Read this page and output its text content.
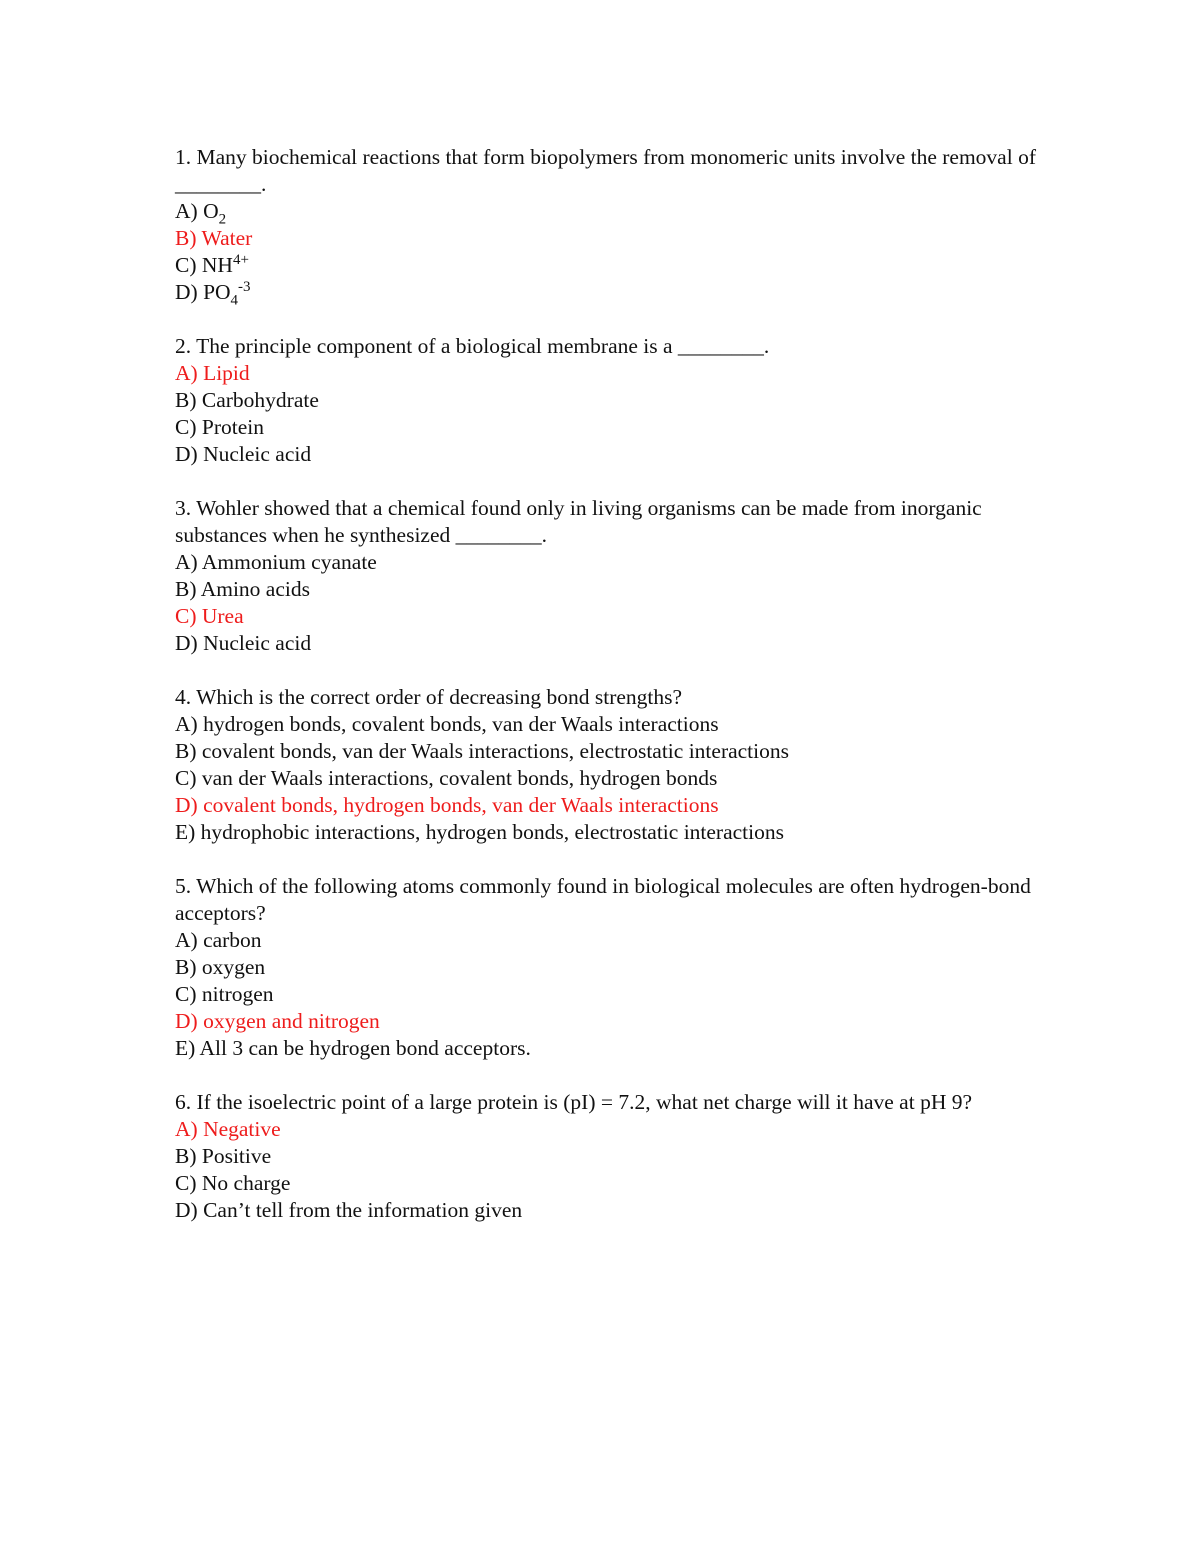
1. Many biochemical reactions that form biopolymers from monomeric units involve the removal of ________.

A) $O_2$

B) Water

C) $NH^{4+}$

D) $PO_4^{-3}$

2. The principle component of a biological membrane is a ________.

A) Lipid

B) Carbohydrate

C) Protein

D) Nucleic acid

3. Wohler showed that a chemical found only in living organisms can be made from inorganic substances when he synthesized ________.

A) Ammonium cyanate

B) Amino acids

C) Urea

D) Nucleic acid

4. Which is the correct order of decreasing bond strengths?

A) hydrogen bonds, covalent bonds, van der Waals interactions

B) covalent bonds, van der Waals interactions, electrostatic interactions

C) van der Waals interactions, covalent bonds, hydrogen bonds

D) covalent bonds, hydrogen bonds, van der Waals interactions

E) hydrophobic interactions, hydrogen bonds, electrostatic interactions

5. Which of the following atoms commonly found in biological molecules are often hydrogen-bond acceptors?

A) carbon

B) oxygen

C) nitrogen

D) oxygen and nitrogen

E) All 3 can be hydrogen bond acceptors.

6. If the isoelectric point of a large protein is (pI) = 7.2, what net charge will it have at pH 9?

A) Negative

B) Positive

C) No charge

D) Can’t tell from the information given
